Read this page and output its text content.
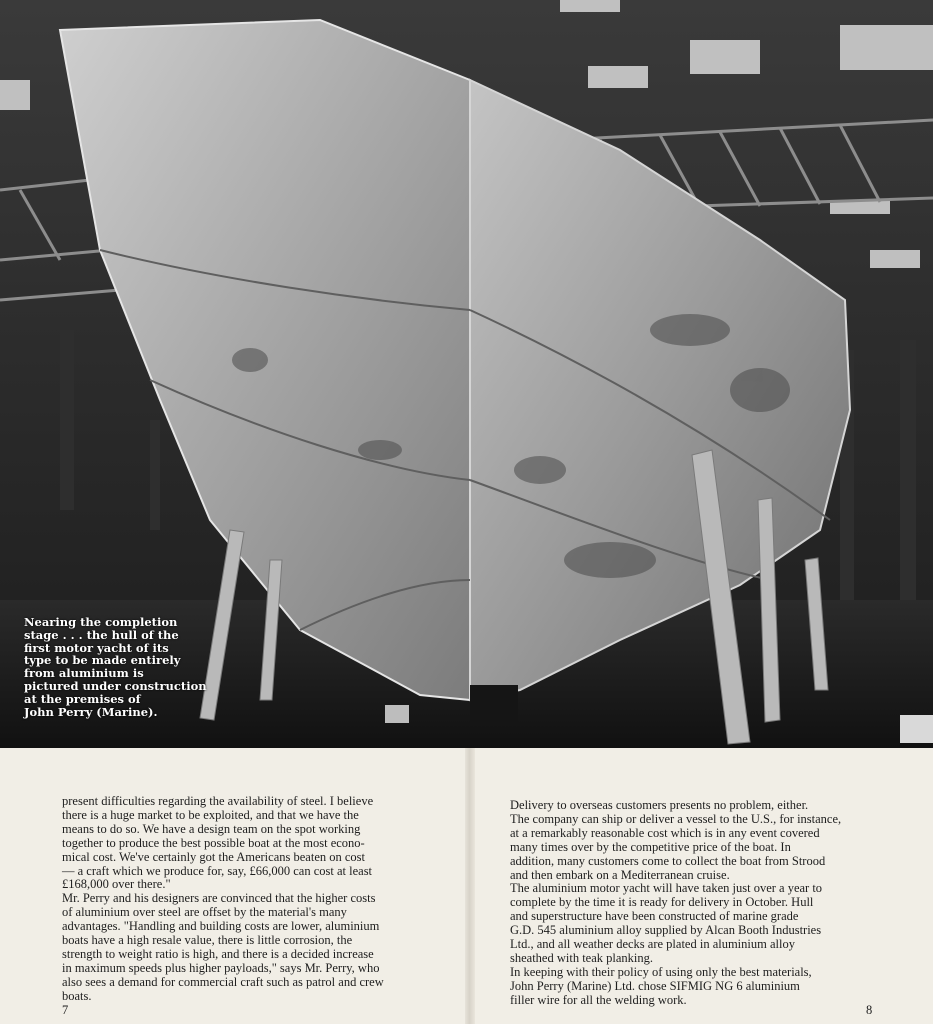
Nearing the completion
stage . . . the hull of the
first motor yacht of its
type to be made entirely
from aluminium is
pictured under construction
at the premises of
John Perry (Marine).

present difficulties regarding the availability of steel. I believe
there is a huge market to be exploited, and that we have the
means to do so. We have a design team on the spot working
together to produce the best possible boat at the most econo-
mical cost. We've certainly got the Americans beaten on cost
— a craft which we produce for, say, £66,000 can cost at least
£168,000 over there."

Mr. Perry and his designers are convinced that the higher costs
of aluminium over steel are offset by the material's many
advantages. "Handling and building costs are lower, aluminium
boats have a high resale value, there is little corrosion, the
strength to weight ratio is high, and there is a decided increase
in maximum speeds plus higher payloads," says Mr. Perry, who
also sees a demand for commercial craft such as patrol and crew
boats.

Delivery to overseas customers presents no problem, either.
The company can ship or deliver a vessel to the U.S., for instance,
at a remarkably reasonable cost which is in any event covered
many times over by the competitive price of the boat. In
addition, many customers come to collect the boat from Strood
and then embark on a Mediterranean cruise.

The aluminium motor yacht will have taken just over a year to
complete by the time it is ready for delivery in October. Hull
and superstructure have been constructed of marine grade
G.D. 545 aluminium alloy supplied by Alcan Booth Industries
Ltd., and all weather decks are plated in aluminium alloy
sheathed with teak planking.

In keeping with their policy of using only the best materials,
John Perry (Marine) Ltd. chose SIFMIG NG 6 aluminium
filler wire for all the welding work.

7	8
